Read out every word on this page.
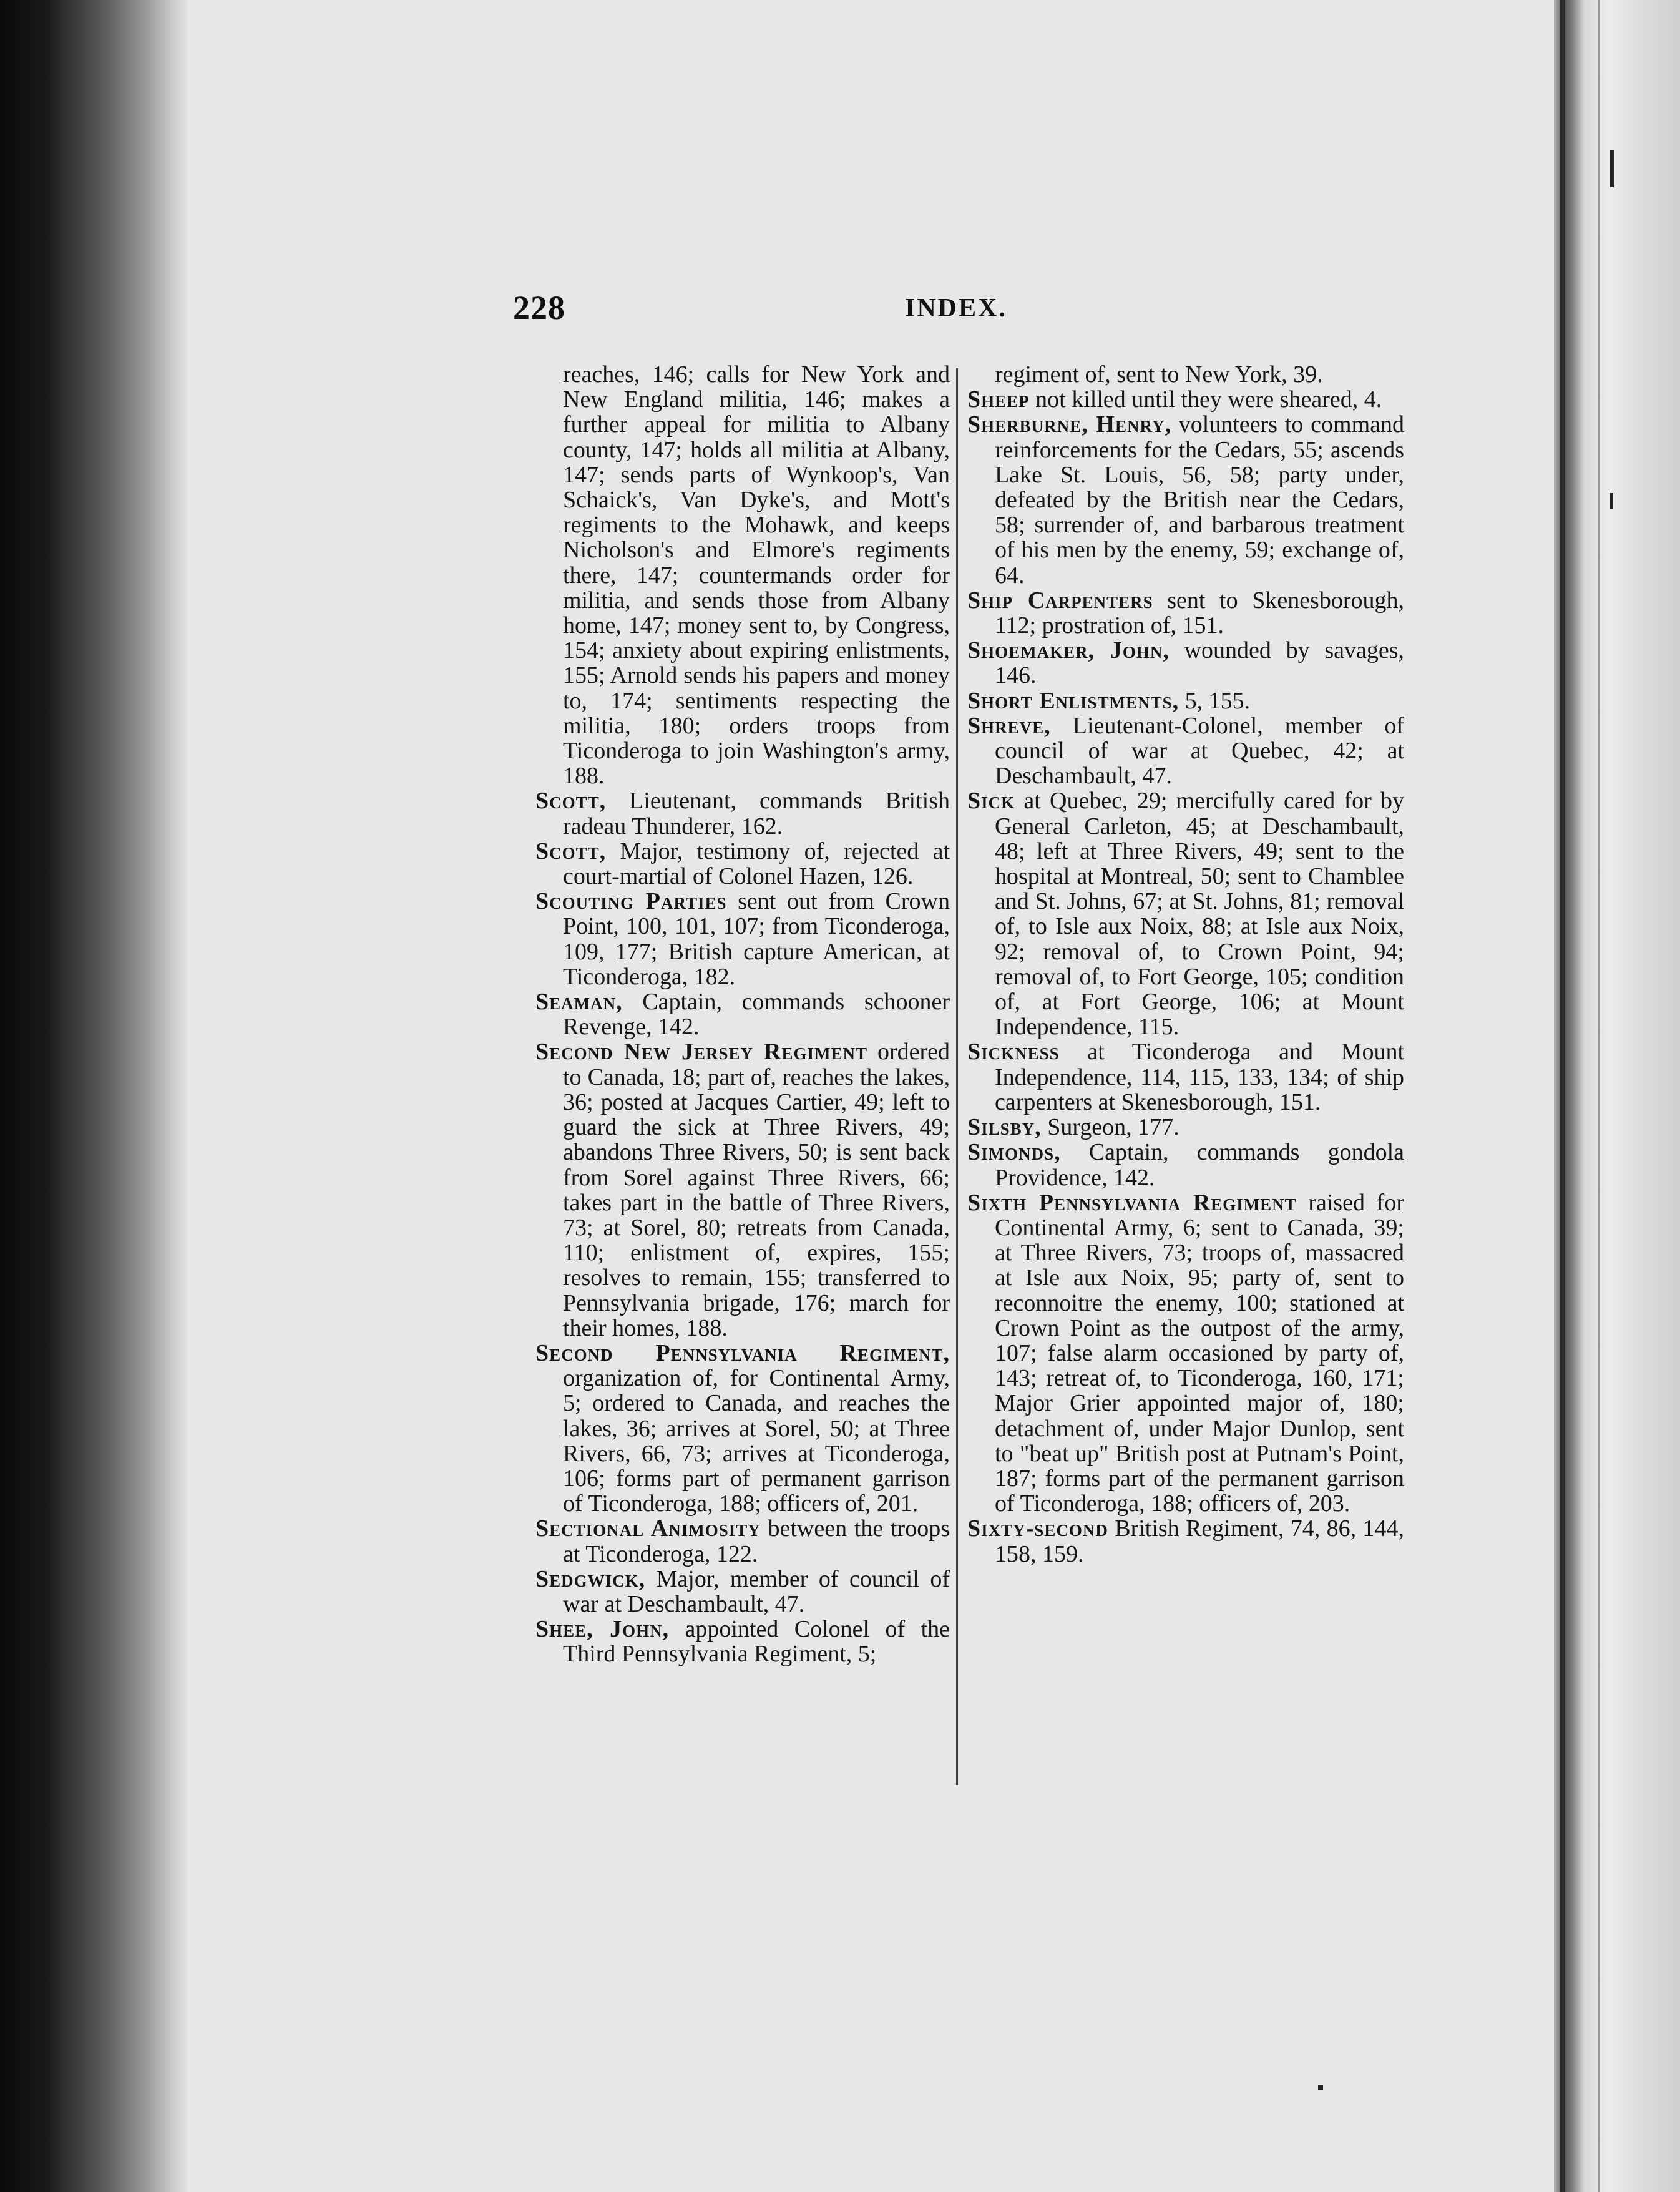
228	INDEX.

reaches, 146; calls for New York and New England militia, 146; makes a further appeal for militia to Albany county, 147; holds all militia at Albany, 147; sends parts of Wynkoop's, Van Schaick's, Van Dyke's, and Mott's regiments to the Mohawk, and keeps Nicholson's and Elmore's regiments there, 147; countermands order for militia, and sends those from Albany home, 147; money sent to, by Congress, 154; anxiety about expiring enlistments, 155; Arnold sends his papers and money to, 174; sentiments respecting the militia, 180; orders troops from Ticonderoga to join Washington's army, 188.

Scott, Lieutenant, commands British radeau Thunderer, 162.

Scott, Major, testimony of, rejected at court-martial of Colonel Hazen, 126.

Scouting Parties sent out from Crown Point, 100, 101, 107; from Ticonderoga, 109, 177; British capture American, at Ticonderoga, 182.

Seaman, Captain, commands schooner Revenge, 142.

Second New Jersey Regiment ordered to Canada, 18; part of, reaches the lakes, 36; posted at Jacques Cartier, 49; left to guard the sick at Three Rivers, 49; abandons Three Rivers, 50; is sent back from Sorel against Three Rivers, 66; takes part in the battle of Three Rivers, 73; at Sorel, 80; retreats from Canada, 110; enlistment of, expires, 155; resolves to remain, 155; transferred to Pennsylvania brigade, 176; march for their homes, 188.

Second Pennsylvania Regiment, organization of, for Continental Army, 5; ordered to Canada, and reaches the lakes, 36; arrives at Sorel, 50; at Three Rivers, 66, 73; arrives at Ticonderoga, 106; forms part of permanent garrison of Ticonderoga, 188; officers of, 201.

Sectional Animosity between the troops at Ticonderoga, 122.

Sedgwick, Major, member of council of war at Deschambault, 47.

Shee, John, appointed Colonel of the Third Pennsylvania Regiment, 5;

regiment of, sent to New York, 39.

Sheep not killed until they were sheared, 4.

Sherburne, Henry, volunteers to command reinforcements for the Cedars, 55; ascends Lake St. Louis, 56, 58; party under, defeated by the British near the Cedars, 58; surrender of, and barbarous treatment of his men by the enemy, 59; exchange of, 64.

Ship Carpenters sent to Skenesborough, 112; prostration of, 151.

Shoemaker, John, wounded by savages, 146.

Short Enlistments, 5, 155.

Shreve, Lieutenant-Colonel, member of council of war at Quebec, 42; at Deschambault, 47.

Sick at Quebec, 29; mercifully cared for by General Carleton, 45; at Deschambault, 48; left at Three Rivers, 49; sent to the hospital at Montreal, 50; sent to Chamblee and St. Johns, 67; at St. Johns, 81; removal of, to Isle aux Noix, 88; at Isle aux Noix, 92; removal of, to Crown Point, 94; removal of, to Fort George, 105; condition of, at Fort George, 106; at Mount Independence, 115.

Sickness at Ticonderoga and Mount Independence, 114, 115, 133, 134; of ship carpenters at Skenesborough, 151.

Silsby, Surgeon, 177.

Simonds, Captain, commands gondola Providence, 142.

Sixth Pennsylvania Regiment raised for Continental Army, 6; sent to Canada, 39; at Three Rivers, 73; troops of, massacred at Isle aux Noix, 95; party of, sent to reconnoitre the enemy, 100; stationed at Crown Point as the outpost of the army, 107; false alarm occasioned by party of, 143; retreat of, to Ticonderoga, 160, 171; Major Grier appointed major of, 180; detachment of, under Major Dunlop, sent to "beat up" British post at Putnam's Point, 187; forms part of the permanent garrison of Ticonderoga, 188; officers of, 203.

Sixty-second British Regiment, 74, 86, 144, 158, 159.
